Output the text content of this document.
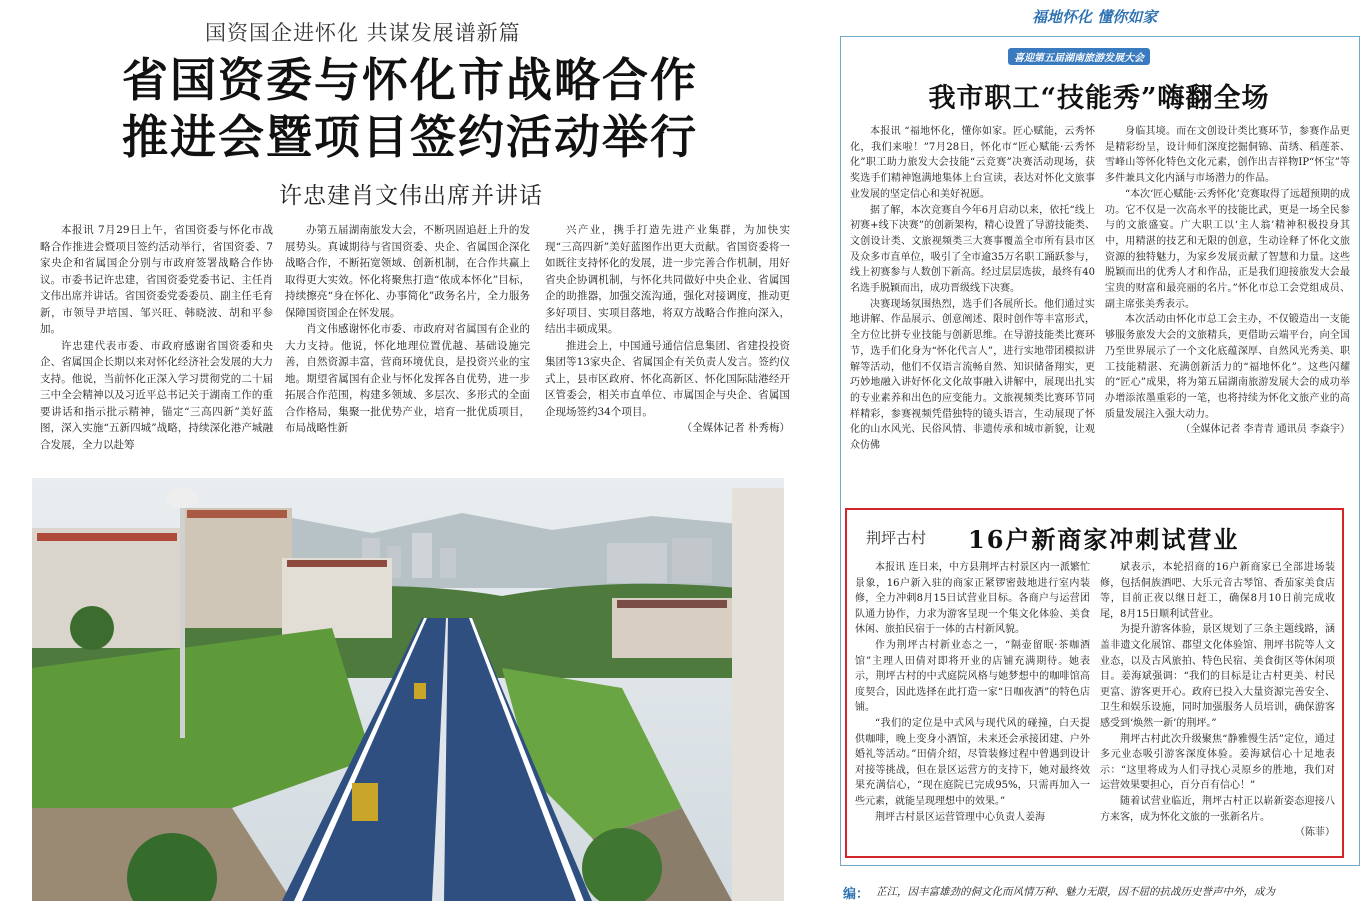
国资国企进怀化 共谋发展谱新篇
省国资委与怀化市战略合作
推进会暨项目签约活动举行
许忠建肖文伟出席并讲话

本报讯 7月29日上午，省国资委与怀化市战略合作推进会暨项目签约活动举行，省国资委、7家央企和省属国企分别与市政府签署战略合作协议。市委书记许忠建，省国资委党委书记、主任肖文伟出席并讲话。省国资委党委委员、副主任毛育新，市领导尹培国、邹兴旺、韩晓波、胡和平参加。

许忠建代表市委、市政府感谢省国资委和央企、省属国企长期以来对怀化经济社会发展的大力支持。他说，当前怀化正深入学习贯彻党的二十届三中全会精神以及习近平总书记关于湖南工作的重要讲话和指示批示精神，锚定“三高四新”美好蓝图，深入实施“五新四城”战略，持续深化港产城融合发展，全力以赴筹

办第五届湖南旅发大会，不断巩固追赶上升的发展势头。真诚期待与省国资委、央企、省属国企深化战略合作，不断拓宽领域、创新机制，在合作共赢上取得更大实效。怀化将聚焦打造“侬成本怀化”目标，持续擦亮“身在怀化、办事简化”政务名片，全力服务保障国资国企在怀发展。

肖文伟感谢怀化市委、市政府对省属国有企业的大力支持。他说，怀化地理位置优越、基础设施完善，自然资源丰富，营商环境优良，是投资兴业的宝地。期望省属国有企业与怀化发挥各自优势，进一步拓展合作范围，构建多领域、多层次、多形式的全面合作格局，集聚一批优势产业，培育一批优质项目，布局战略性新

兴产业，携手打造先进产业集群，为加快实现“三高四新”美好蓝图作出更大贡献。省国资委将一如既往支持怀化的发展，进一步完善合作机制，用好省央企协调机制，与怀化共同做好中央企业、省属国企的助推器，加强交流沟通，强化对接调度，推动更多好项目、实项目落地，将双方战略合作推向深入，结出丰硕成果。

推进会上，中国通号通信信息集团、省建投投资集团等13家央企、省属国企有关负责人发言。签约仪式上，县市区政府、怀化高新区、怀化国际陆港经开区管委会，相关市直单位、市属国企与央企、省属国企现场签约34个项目。

（全媒体记者 朴秀梅）
福地怀化 懂你如家
喜迎第五届湖南旅游发展大会
我市职工“技能秀”嗨翻全场

本报讯 “福地怀化，懂你如家。匠心赋能，云秀怀化，我们来啦！”7月28日，怀化市“匠心赋能·云秀怀化”职工助力旅发大会技能“云竞赛”决赛活动现场，获奖选手们精神饱满地集体上台宣读，表达对怀化文旅事业发展的坚定信心和美好祝愿。

据了解，本次竞赛自今年6月启动以来，依托“线上初赛+线下决赛”的创新架构，精心设置了导游技能类、文创设计类、文旅视频类三大赛事覆盖全市所有县市区及众多市直单位，吸引了全市逾35万名职工踊跃参与，线上初赛参与人数创下新高。经过层层选拔，最终有40名选手脱颖而出，成功晋级线下决赛。

决赛现场氛围热烈，选手们各展所长。他们通过实地讲解、作品展示、创意阐述、限时创作等丰富形式，全方位比拼专业技能与创新思维。在导游技能类比赛环节，选手们化身为“怀化代言人”，进行实地带团模拟讲解等活动，他们不仅语言流畅自然、知识储备翔实，更巧妙地融入讲好怀化文化故事融入讲解中，展现出扎实的专业素养和出色的应变能力。文旅视频类比赛环节同样精彩，参赛视频凭借独特的镜头语言，生动展现了怀化的山水风光、民俗风情、非遗传承和城市新貌，让观众仿佛

身临其境。而在文创设计类比赛环节，参赛作品更是精彩纷呈，设计师们深度挖掘侗锦、苗绣、稻莲茶、雪峰山等怀化特色文化元素，创作出吉祥物IP“怀宝”等多件兼具文化内涵与市场潜力的作品。

“本次‘匠心赋能·云秀怀化’竞赛取得了远超预期的成功。它不仅是一次高水平的技能比武，更是一场全民参与的文旅盛宴。广大职工以‘主人翁’精神积极投身其中，用精湛的技艺和无限的创意，生动诠释了怀化文旅资源的独特魅力，为家乡发展贡献了智慧和力量。这些脱颖而出的优秀人才和作品，正是我们迎接旅发大会最宝贵的财富和最亮丽的名片。”怀化市总工会党组成员、副主席张美秀表示。

本次活动由怀化市总工会主办，不仅锻造出一支能够服务旅发大会的文旅精兵，更借助云端平台，向全国乃至世界展示了一个文化底蕴深厚、自然风光秀美、职工技能精湛、充满创新活力的“福地怀化”。这些闪耀的“匠心”成果，将为第五届湖南旅游发展大会的成功举办增添浓墨重彩的一笔，也将持续为怀化文旅产业的高质量发展注入强大动力。

（全媒体记者 李青青 通讯员 李焱宇）
荆坪古村 16户新商家冲刺试营业

本报讯 连日来，中方县荆坪古村景区内一派繁忙景象，16户新入驻的商家正紧锣密鼓地进行室内装修，全力冲刺8月15日试营业目标。各商户与运营团队通力协作，力求为游客呈现一个集文化体验、美食休闲、旅拍民宿于一体的古村新风貌。

作为荆坪古村新业态之一，“隔壶留眠·茶咖酒馆”主理人田倩对即将开业的店铺充满期待。她表示，荆坪古村的中式庭院风格与她梦想中的咖啡馆高度契合，因此选择在此打造一家“日咖夜酒”的特色店铺。

“我们的定位是中式风与现代风的碰撞，白天提供咖啡，晚上变身小酒馆，未来还会承接团建、户外婚礼等活动。”田倩介绍，尽管装修过程中曾遇到设计对接等挑战，但在景区运营方的支持下，她对最终效果充满信心，“现在庭院已完成95%，只需再加入一些元素，就能呈现理想中的效果。”

荆坪古村景区运营管理中心负责人姜海

斌表示，本轮招商的16户新商家已全部进场装修，包括侗族酒吧、大乐元音古琴馆、香茄家美食店等，目前正夜以继日赶工，确保8月10日前完成收尾，8月15日顺利试营业。

为提升游客体验，景区规划了三条主题线路，涵盖非遗文化展馆、郡望文化体验馆、荆坪书院等人文业态，以及古风旅拍、特色民宿、美食街区等休闲项目。姜海斌强调：“我们的目标是让古村更美、村民更富、游客更开心。政府已投入大量资源完善安全、卫生和娱乐设施，同时加强服务人员培训，确保游客感受到‘焕然一新’的荆坪。”

荆坪古村此次升级聚焦“静雅慢生活”定位，通过多元业态吸引游客深度体验。姜海斌信心十足地表示：“这里将成为人们寻找心灵原乡的胜地，我们对运营效果要担心，百分百有信心！”

随着试营业临近，荆坪古村正以崭新姿态迎接八方来客，成为怀化文旅的一张新名片。

（陈菲）
编： 芷江，因丰富雄劲的侗文化而风情万种、魅力无限，因不屈的抗战历史誉声中外，成为
